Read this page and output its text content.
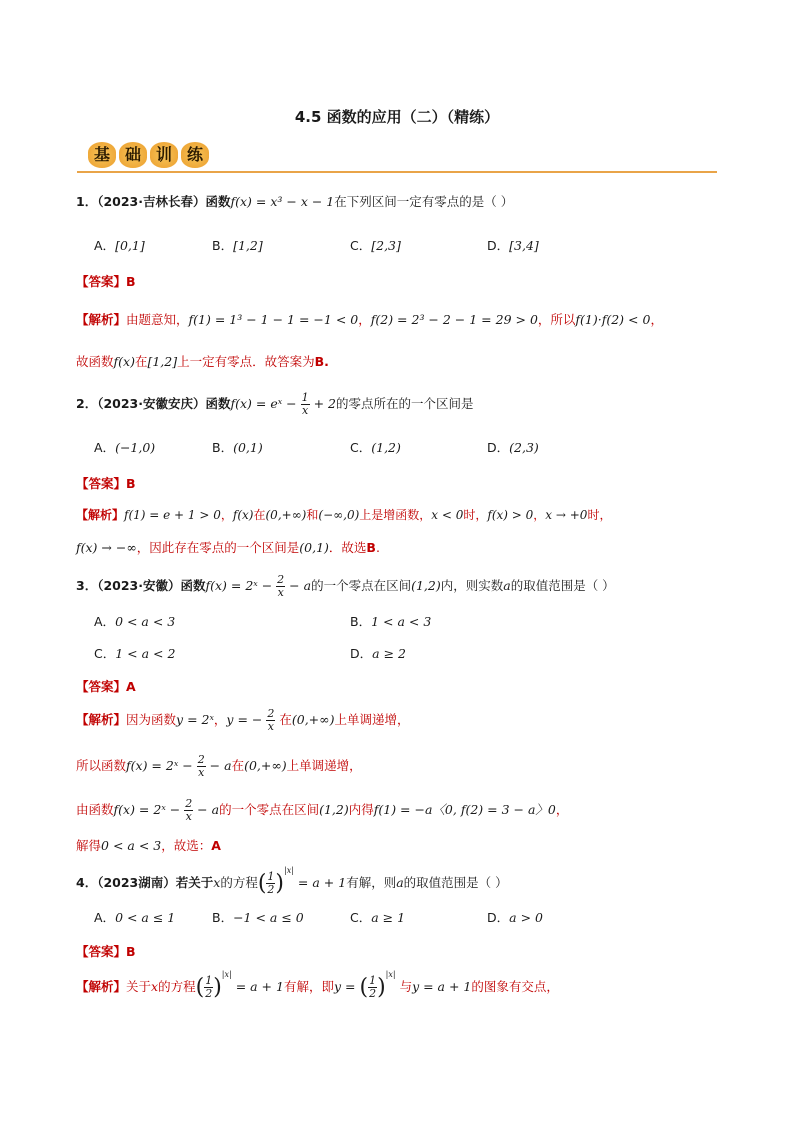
4.5 函数的应用（二）（精练）
基 础 训 练
1．（2023·吉林长春）函数f(x) = x³ − x − 1在下列区间一定有零点的是（ ）
A．[0,1]	B．[1,2]	C．[2,3]	D．[3,4]
【答案】B
【解析】由题意知，f(1) = 1³ − 1 − 1 = −1 < 0，f(2) = 2³ − 2 − 1 = 29 > 0，所以f(1)·f(2) < 0，
故函数f(x)在[1,2]上一定有零点．故答案为B.
2．（2023·安徽安庆）函数f(x) = eˣ − $\frac{1}{x} + 2$的零点所在的一个区间是
A．(−1,0)	B．(0,1)	C．(1,2)	D．(2,3)
【答案】B
【解析】f(1) = e + 1 > 0，f(x)在(0,+∞)和(−∞,0)上是增函数，x < 0时，f(x) > 0，x → +0时，
f(x) → −∞，因此存在零点的一个区间是(0,1)．故选B.
3．（2023·安徽）函数f(x) = 2ˣ − $\frac{2}{x} - a$的一个零点在区间(1,2)内，则实数a的取值范围是（ ）
A．0 < a < 3	B．1 < a < 3
C．1 < a < 2	D．a ≥ 2
【答案】A
【解析】因为函数y = 2ˣ，y = − $\frac{2}{x}$ 在(0,+∞)上单调递增，
所以函数f(x) = 2ˣ − $\frac{2}{x} - a$在(0,+∞)上单调递增，
由函数f(x) = 2ˣ − $\frac{2}{x} - a$的一个零点在区间(1,2)内得f(1) = −a〈0, f(2) = 3 − a〉0，
解得0 < a < 3，故选：A
4．（2023湖南）若关于x的方程( $\frac{1}{2} )^{|x|} = a + 1$有解，则a的取值范围是（ ）
A．0 < a ≤ 1	B．−1 < a ≤ 0	C．a ≥ 1	D．a > 0
【答案】B
【解析】关于x的方程( $\frac{1}{2} )^{|x|} = a + 1$有解，即y = ( $\frac{1}{2} )^{|x|}$ 与y = a + 1的图象有交点，
